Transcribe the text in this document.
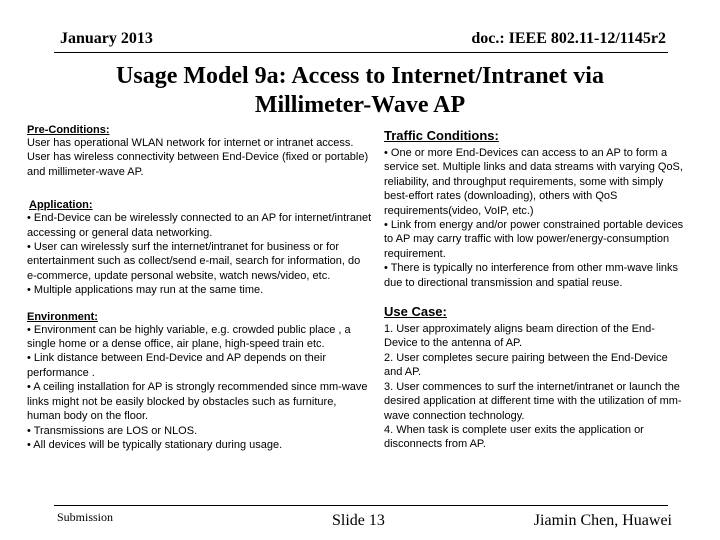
January 2013	doc.: IEEE 802.11-12/1145r2
Usage Model 9a: Access to Internet/Intranet via Millimeter-Wave AP
Pre-Conditions:
User has operational WLAN network for internet or intranet access. User has wireless connectivity between End-Device (fixed or portable) and millimeter-wave AP.
Application:
• End-Device can be wirelessly connected to an AP for internet/intranet accessing or general data networking.
• User can wirelessly surf the internet/intranet for business or for entertainment such as collect/send e-mail, search for information, do e-commerce, update personal website, watch news/video, etc.
• Multiple applications may run at the same time.
Environment:
• Environment can be highly variable, e.g. crowded public place , a single home or a dense office, air plane, high-speed train etc.
• Link distance between End-Device and AP depends on their performance .
• A ceiling installation for AP is strongly recommended since mm-wave links might not be easily blocked by obstacles such as furniture, human body on the floor.
• Transmissions are LOS or NLOS.
• All devices will be typically stationary during usage.
Traffic Conditions:
• One or more End-Devices can access to an AP to form a service set. Multiple links and data streams with varying QoS, reliability, and throughput requirements, some with simply best-effort rates (downloading), others with QoS requirements(video, VoIP, etc.)
• Link from energy and/or power constrained portable devices to AP may carry traffic with low power/energy-consumption requirement.
• There is typically no interference from other mm-wave links due to directional transmission and spatial reuse.
Use Case:
1. User approximately aligns beam direction of the End-Device to the antenna of AP.
2. User completes secure pairing between the End-Device and AP.
3. User commences to surf the internet/intranet or launch the desired application at different time with the utilization of mm-wave connection technology.
4. When task is complete user exits the application or disconnects from AP.
Submission	Slide 13	Jiamin Chen, Huawei
